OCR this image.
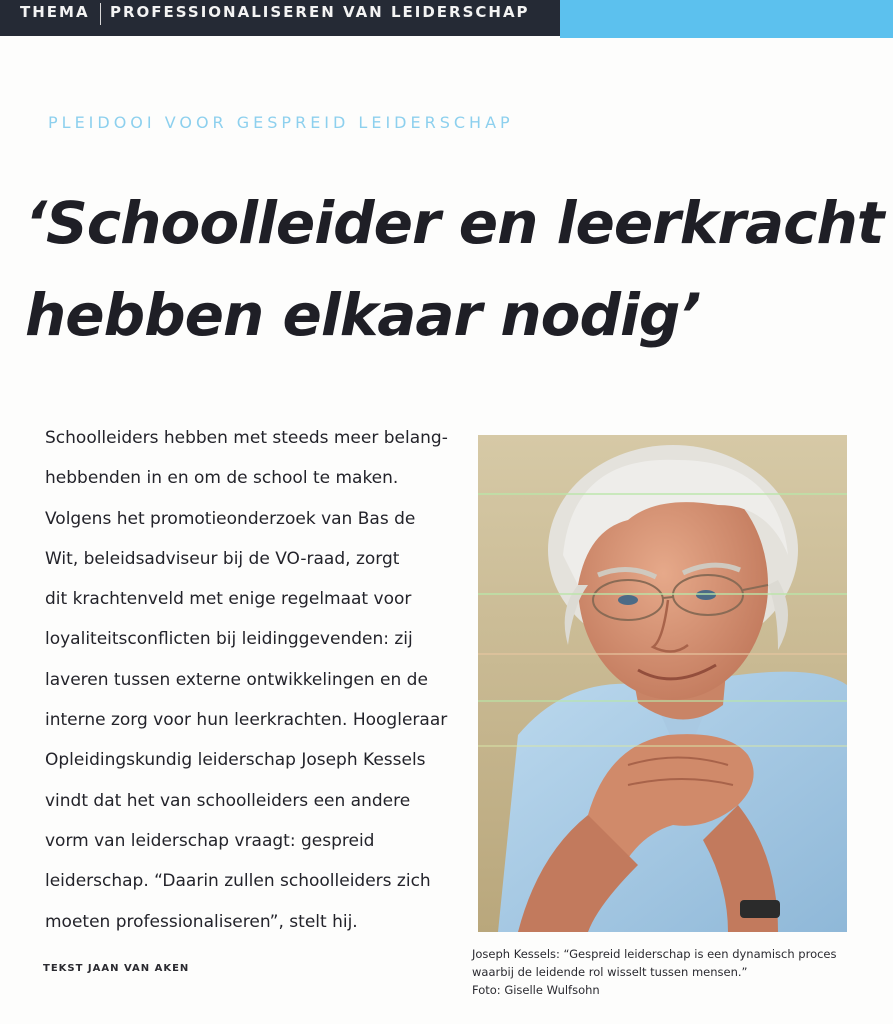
THEMA PROFESSIONALISEREN VAN LEIDERSCHAP
PLEIDOOI VOOR GESPREID LEIDERSCHAP
‘Schoolleider en leerkracht
hebben elkaar nodig’
Schoolleiders hebben met steeds meer belang-
hebbenden in en om de school te maken.
Volgens het promotieonderzoek van Bas de
Wit, beleidsadviseur bij de VO-raad, zorgt
dit krachtenveld met enige regelmaat voor
loyaliteitsconflicten bij leidinggevenden: zij
laveren tussen externe ontwikkelingen en de
interne zorg voor hun leerkrachten. Hoogleraar
Opleidingskundig leiderschap Joseph Kessels
vindt dat het van schoolleiders een andere
vorm van leiderschap vraagt: gespreid
leiderschap. “Daarin zullen schoolleiders zich
moeten professionaliseren”, stelt hij.
TEKST JAAN VAN AKEN
Joseph Kessels: “Gespreid leiderschap is een dynamisch proces
waarbij de leidende rol wisselt tussen mensen.”
Foto: Giselle Wulfsohn
